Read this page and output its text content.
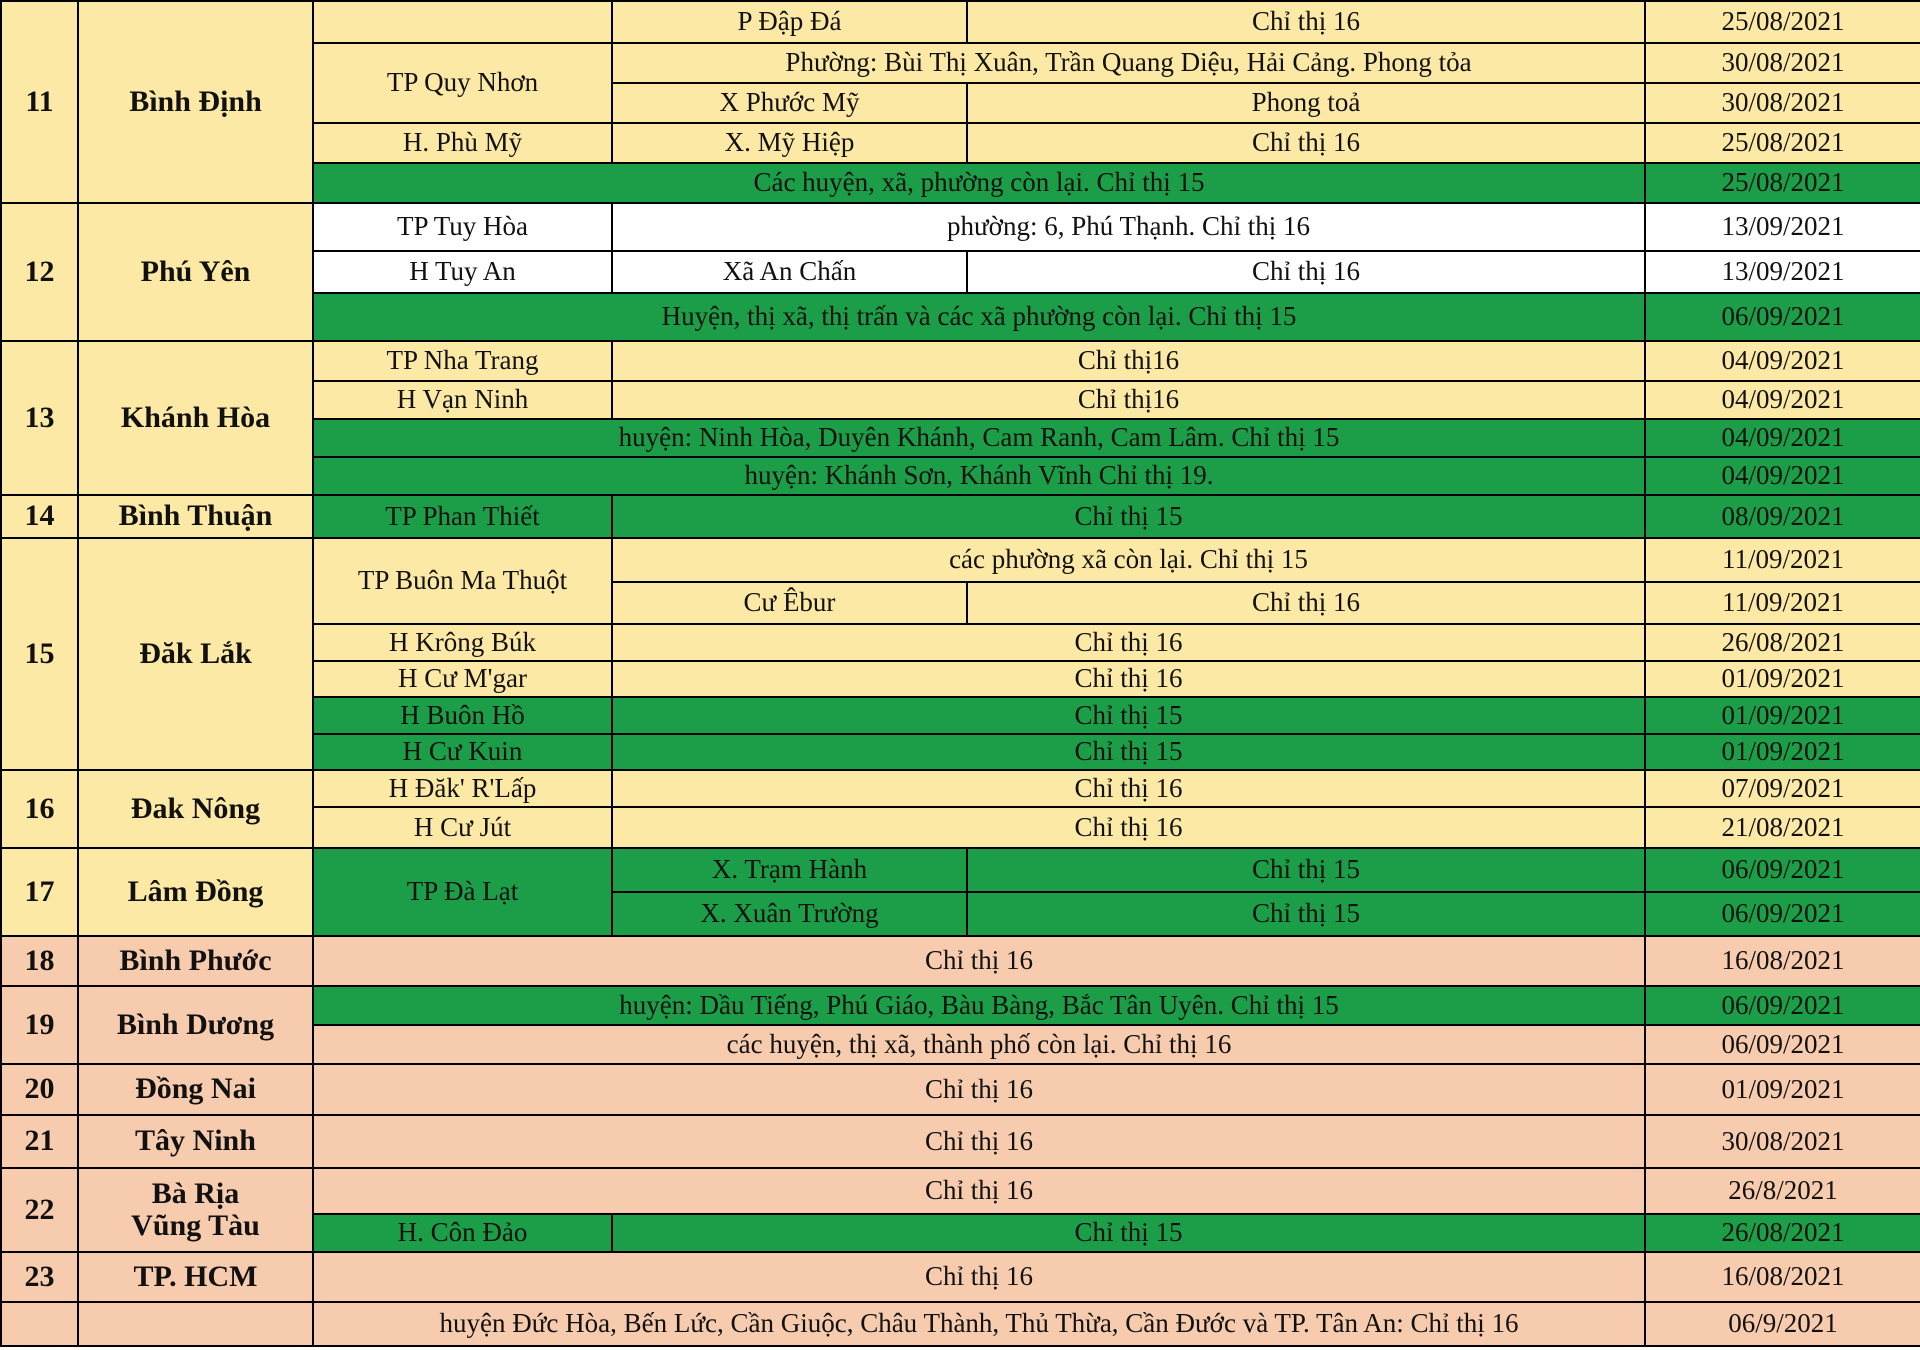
11	Bình Định		P Đập Đá	Chỉ thị 16	25/08/2021
		TP Quy Nhơn	Phường: Bùi Thị Xuân, Trần Quang Diệu, Hải Cảng. Phong tỏa		30/08/2021
			X Phước Mỹ	Phong toả	30/08/2021
		H. Phù Mỹ	X. Mỹ Hiệp	Chỉ thị 16	25/08/2021
		Các huyện, xã, phường còn lại. Chỉ thị 15			25/08/2021
12	Phú Yên	TP Tuy Hòa	phường: 6, Phú Thạnh. Chỉ thị 16		13/09/2021
		H Tuy An	Xã An Chấn	Chỉ thị 16	13/09/2021
		Huyện, thị xã, thị trấn và các xã phường còn lại. Chỉ thị 15			06/09/2021
13	Khánh Hòa	TP Nha Trang	Chỉ thị16		04/09/2021
		H Vạn Ninh	Chỉ thị16		04/09/2021
		huyện: Ninh Hòa, Duyên Khánh, Cam Ranh, Cam Lâm. Chỉ thị 15			04/09/2021
		huyện: Khánh Sơn, Khánh Vĩnh Chỉ thị 19.			04/09/2021
14	Bình Thuận	TP Phan Thiết	Chỉ thị 15		08/09/2021
15	Đăk Lắk	TP Buôn Ma Thuột	các phường xã còn lại. Chỉ thị 15		11/09/2021
			Cư Êbur	Chỉ thị 16	11/09/2021
		H Krông Búk	Chỉ thị 16		26/08/2021
		H Cư M'gar	Chỉ thị 16		01/09/2021
		H Buôn Hồ	Chỉ thị 15		01/09/2021
		H Cư Kuin	Chỉ thị 15		01/09/2021
16	Đak Nông	H Đăk' R'Lấp	Chỉ thị 16		07/09/2021
		H Cư Jút	Chỉ thị 16		21/08/2021
17	Lâm Đồng	TP Đà Lạt	X. Trạm Hành	Chỉ thị 15	06/09/2021
			X. Xuân Trường	Chỉ thị 15	06/09/2021
18	Bình Phước	Chỉ thị 16			16/08/2021
19	Bình Dương	huyện: Dầu Tiếng, Phú Giáo, Bàu Bàng, Bắc Tân Uyên. Chỉ thị 15			06/09/2021
		các huyện, thị xã, thành phố còn lại. Chỉ thị 16			06/09/2021
20	Đồng Nai	Chỉ thị 16			01/09/2021
21	Tây Ninh	Chỉ thị 16			30/08/2021
22	Bà Rịa
Vũng Tàu	Chỉ thị 16			26/8/2021
		H. Côn Đảo	Chỉ thị 15		26/08/2021
23	TP. HCM	Chỉ thị 16			16/08/2021
		huyện Đức Hòa, Bến Lức, Cần Giuộc, Châu Thành, Thủ Thừa, Cần Đước và TP. Tân An: Chỉ thị 16			06/9/2021
